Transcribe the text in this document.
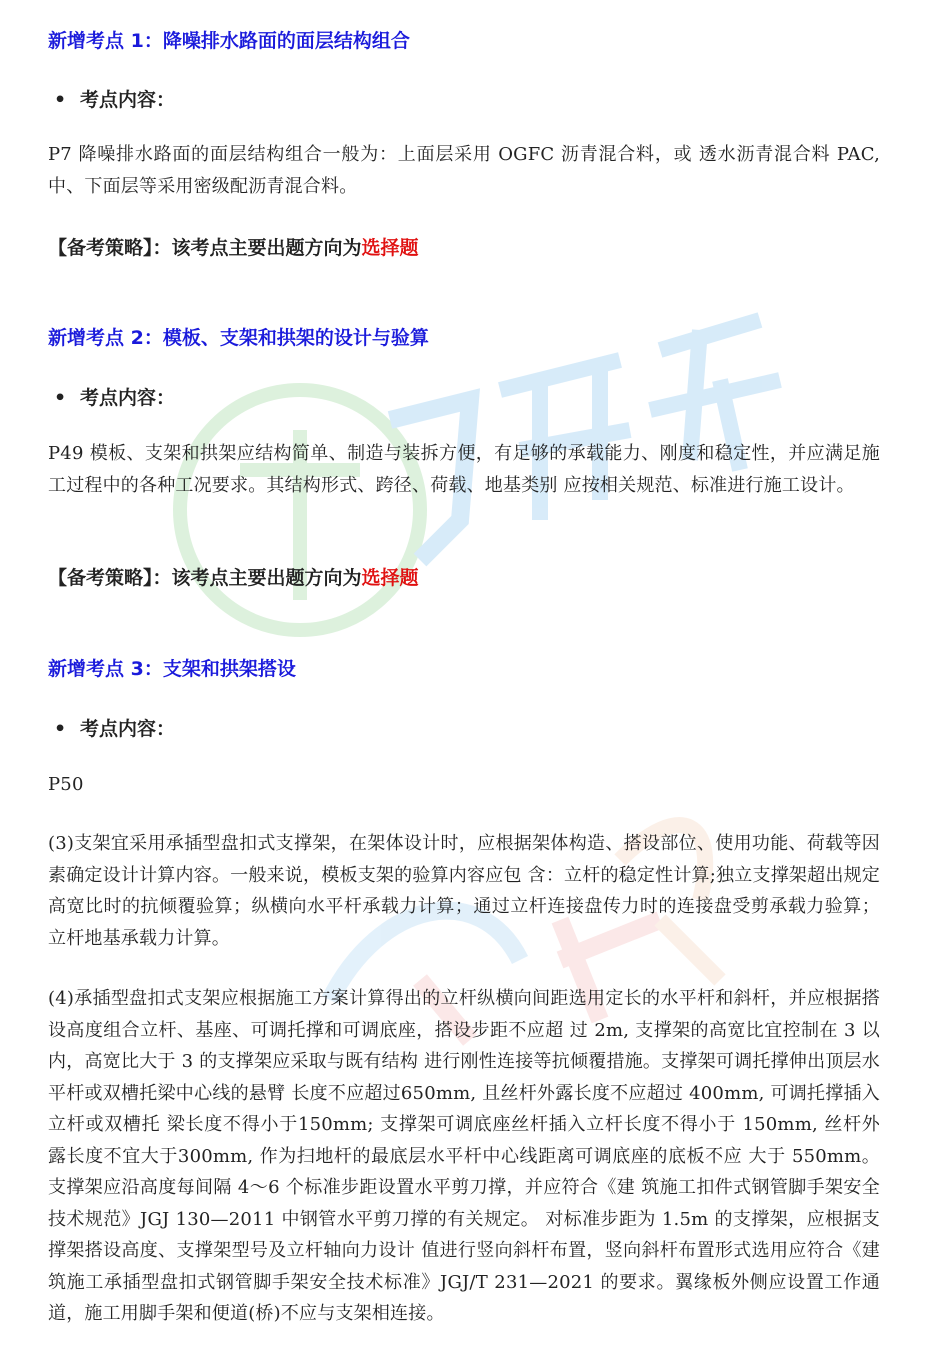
新增考点 1：降噪排水路面的面层结构组合
• 考点内容：
P7 降噪排水路面的面层结构组合一般为：上面层采用 OGFC 沥青混合料，或 透水沥青混合料 PAC, 中、下面层等采用密级配沥青混合料。
【备考策略】：该考点主要出题方向为选择题
新增考点 2：模板、支架和拱架的设计与验算
• 考点内容：
P49 模板、支架和拱架应结构简单、制造与装拆方便，有足够的承载能力、刚度和稳定性，并应满足施工过程中的各种工况要求。其结构形式、跨径、荷载、地基类别 应按相关规范、标准进行施工设计。
【备考策略】：该考点主要出题方向为选择题
新增考点 3：支架和拱架搭设
• 考点内容：
P50
(3)支架宜采用承插型盘扣式支撑架，在架体设计时，应根据架体构造、搭设部位、使用功能、荷载等因素确定设计计算内容。一般来说，模板支架的验算内容应包 含：立杆的稳定性计算;独立支撑架超出规定高宽比时的抗倾覆验算；纵横向水平杆承载力计算；通过立杆连接盘传力时的连接盘受剪承载力验算；立杆地基承载力计算。
(4)承插型盘扣式支架应根据施工方案计算得出的立杆纵横向间距选用定长的水平杆和斜杆，并应根据搭设高度组合立杆、基座、可调托撑和可调底座，搭设步距不应超 过 2m, 支撑架的高宽比宜控制在 3 以内，高宽比大于 3 的支撑架应采取与既有结构 进行刚性连接等抗倾覆措施。支撑架可调托撑伸出顶层水平杆或双槽托梁中心线的悬臂 长度不应超过650mm, 且丝杆外露长度不应超过 400mm, 可调托撑插入立杆或双槽托 梁长度不得小于150mm; 支撑架可调底座丝杆插入立杆长度不得小于 150mm, 丝杆外 露长度不宜大于300mm, 作为扫地杆的最底层水平杆中心线距离可调底座的底板不应 大于 550mm。支撑架应沿高度每间隔 4～6 个标准步距设置水平剪刀撑，并应符合《建 筑施工扣件式钢管脚手架安全技术规范》JGJ 130—2011 中钢管水平剪刀撑的有关规定。 对标准步距为 1.5m 的支撑架，应根据支撑架搭设高度、支撑架型号及立杆轴向力设计 值进行竖向斜杆布置，竖向斜杆布置形式选用应符合《建筑施工承插型盘扣式钢管脚手架安全技术标准》JGJ/T 231—2021 的要求。翼缘板外侧应设置工作通道，施工用脚手架和便道(桥)不应与支架相连接。
